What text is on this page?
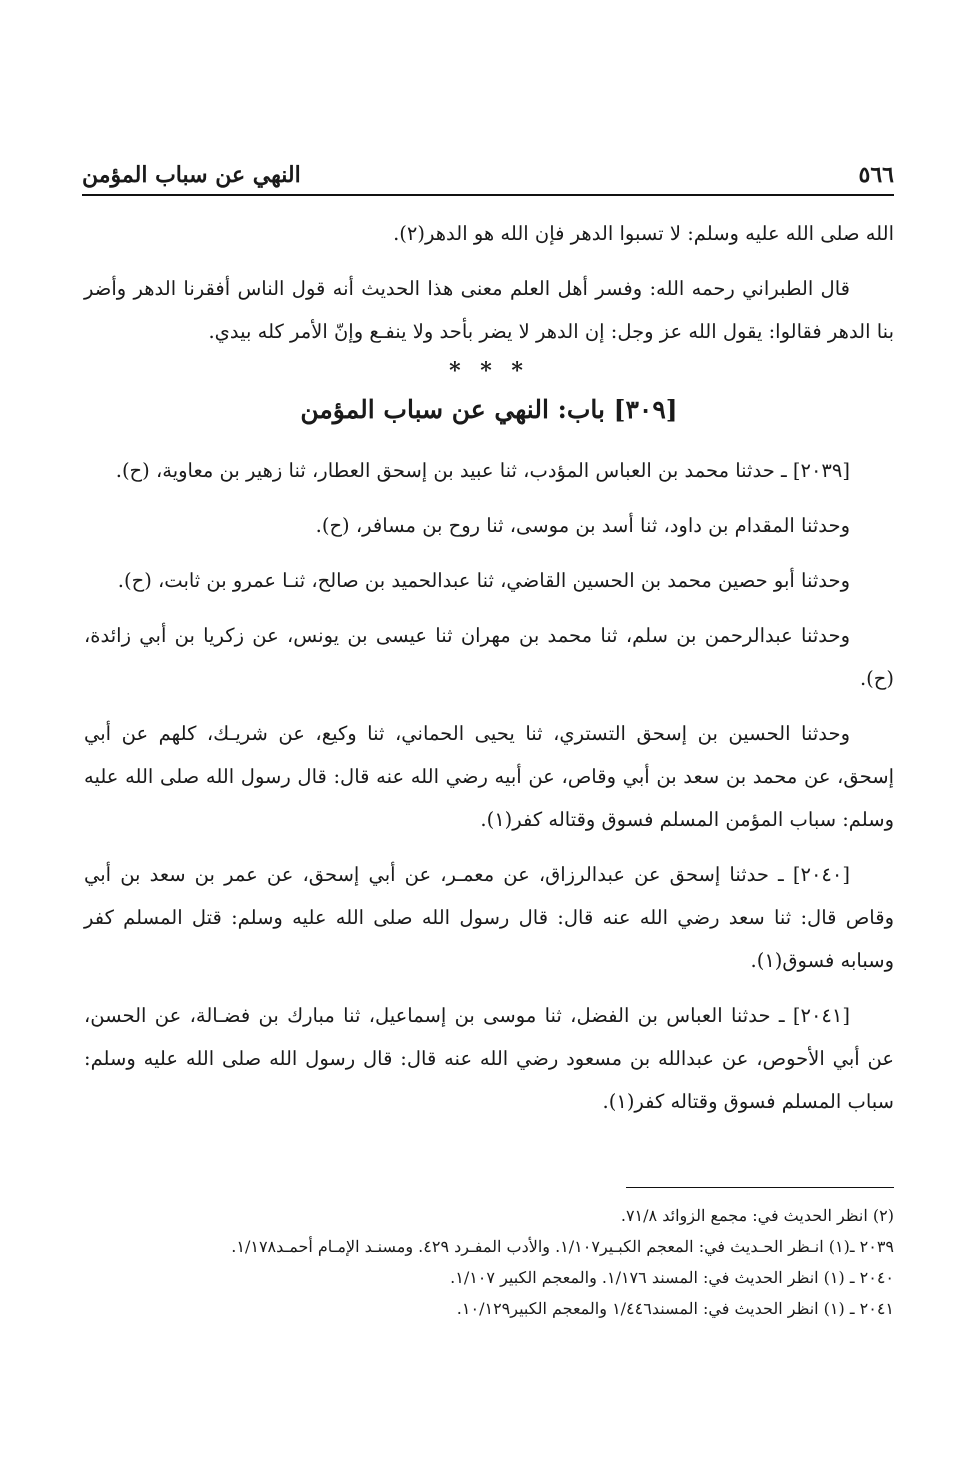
٥٦٦
النهي عن سباب المؤمن

الله صلى الله عليه وسلم: لا تسبوا الدهر فإن الله هو الدهر(٢).

قال الطبراني رحمه الله: وفسر أهل العلم معنى هذا الحديث أنه قول الناس أفقرنا الدهر وأضر بنا الدهر فقالوا: يقول الله عز وجل: إن الدهر لا يضر بأحد ولا ينفـع وإنّ الأمر كله بيدي.

* * *
[٣٠٩] باب: النهي عن سباب المؤمن

[٢٠٣٩] ـ حدثنا محمد بن العباس المؤدب، ثنا عبيد بن إسحق العطار، ثنا زهير بن معاوية، (ح).

وحدثنا المقدام بن داود، ثنا أسد بن موسى، ثنا روح بن مسافر، (ح).

وحدثنا أبو حصين محمد بن الحسين القاضي، ثنا عبدالحميد بن صالح، ثنـا عمرو بن ثابت، (ح).

وحدثنا عبدالرحمن بن سلم، ثنا محمد بن مهران ثنا عيسى بن يونس، عن زكريا بن أبي زائدة، (ح).

وحدثنا الحسين بن إسحق التستري، ثنا يحيى الحماني، ثنا وكيع، عن شريـك، كلهم عن أبي إسحق، عن محمد بن سعد بن أبي وقاص، عن أبيه رضي الله عنه قال: قال رسول الله صلى الله عليه وسلم: سباب المؤمن المسلم فسوق وقتاله كفر(١).

[٢٠٤٠] ـ حدثنا إسحق عن عبدالرزاق، عن معمـر، عن أبي إسحق، عن عمر بن سعد بن أبي وقاص قال: ثنا سعد رضي الله عنه قال: قال رسول الله صلى الله عليه وسلم: قتل المسلم كفر وسبابه فسوق(١).

[٢٠٤١] ـ حدثنا العباس بن الفضل، ثنا موسى بن إسماعيل، ثنا مبارك بن فضـالة، عن الحسن، عن أبي الأحوص، عن عبدالله بن مسعود رضي الله عنه قال: قال رسول الله صلى الله عليه وسلم: سباب المسلم فسوق وقتاله كفر(١).

(٢) انظر الحديث في: مجمع الزوائد ٧١/٨.

٢٠٣٩ ـ(١) انـظر الحـديث في: المعجم الكبـير١/١٠٧. والأدب المفـرد ٤٢٩. ومسنـد الإمـام أحمـد١/١٧٨.

٢٠٤٠ ـ (١) انظر الحديث في: المسند ١/١٧٦. والمعجم الكبير ١/١٠٧.

٢٠٤١ ـ (١) انظر الحديث في: المسند١/٤٤٦ والمعجم الكبير١٠/١٢٩.
